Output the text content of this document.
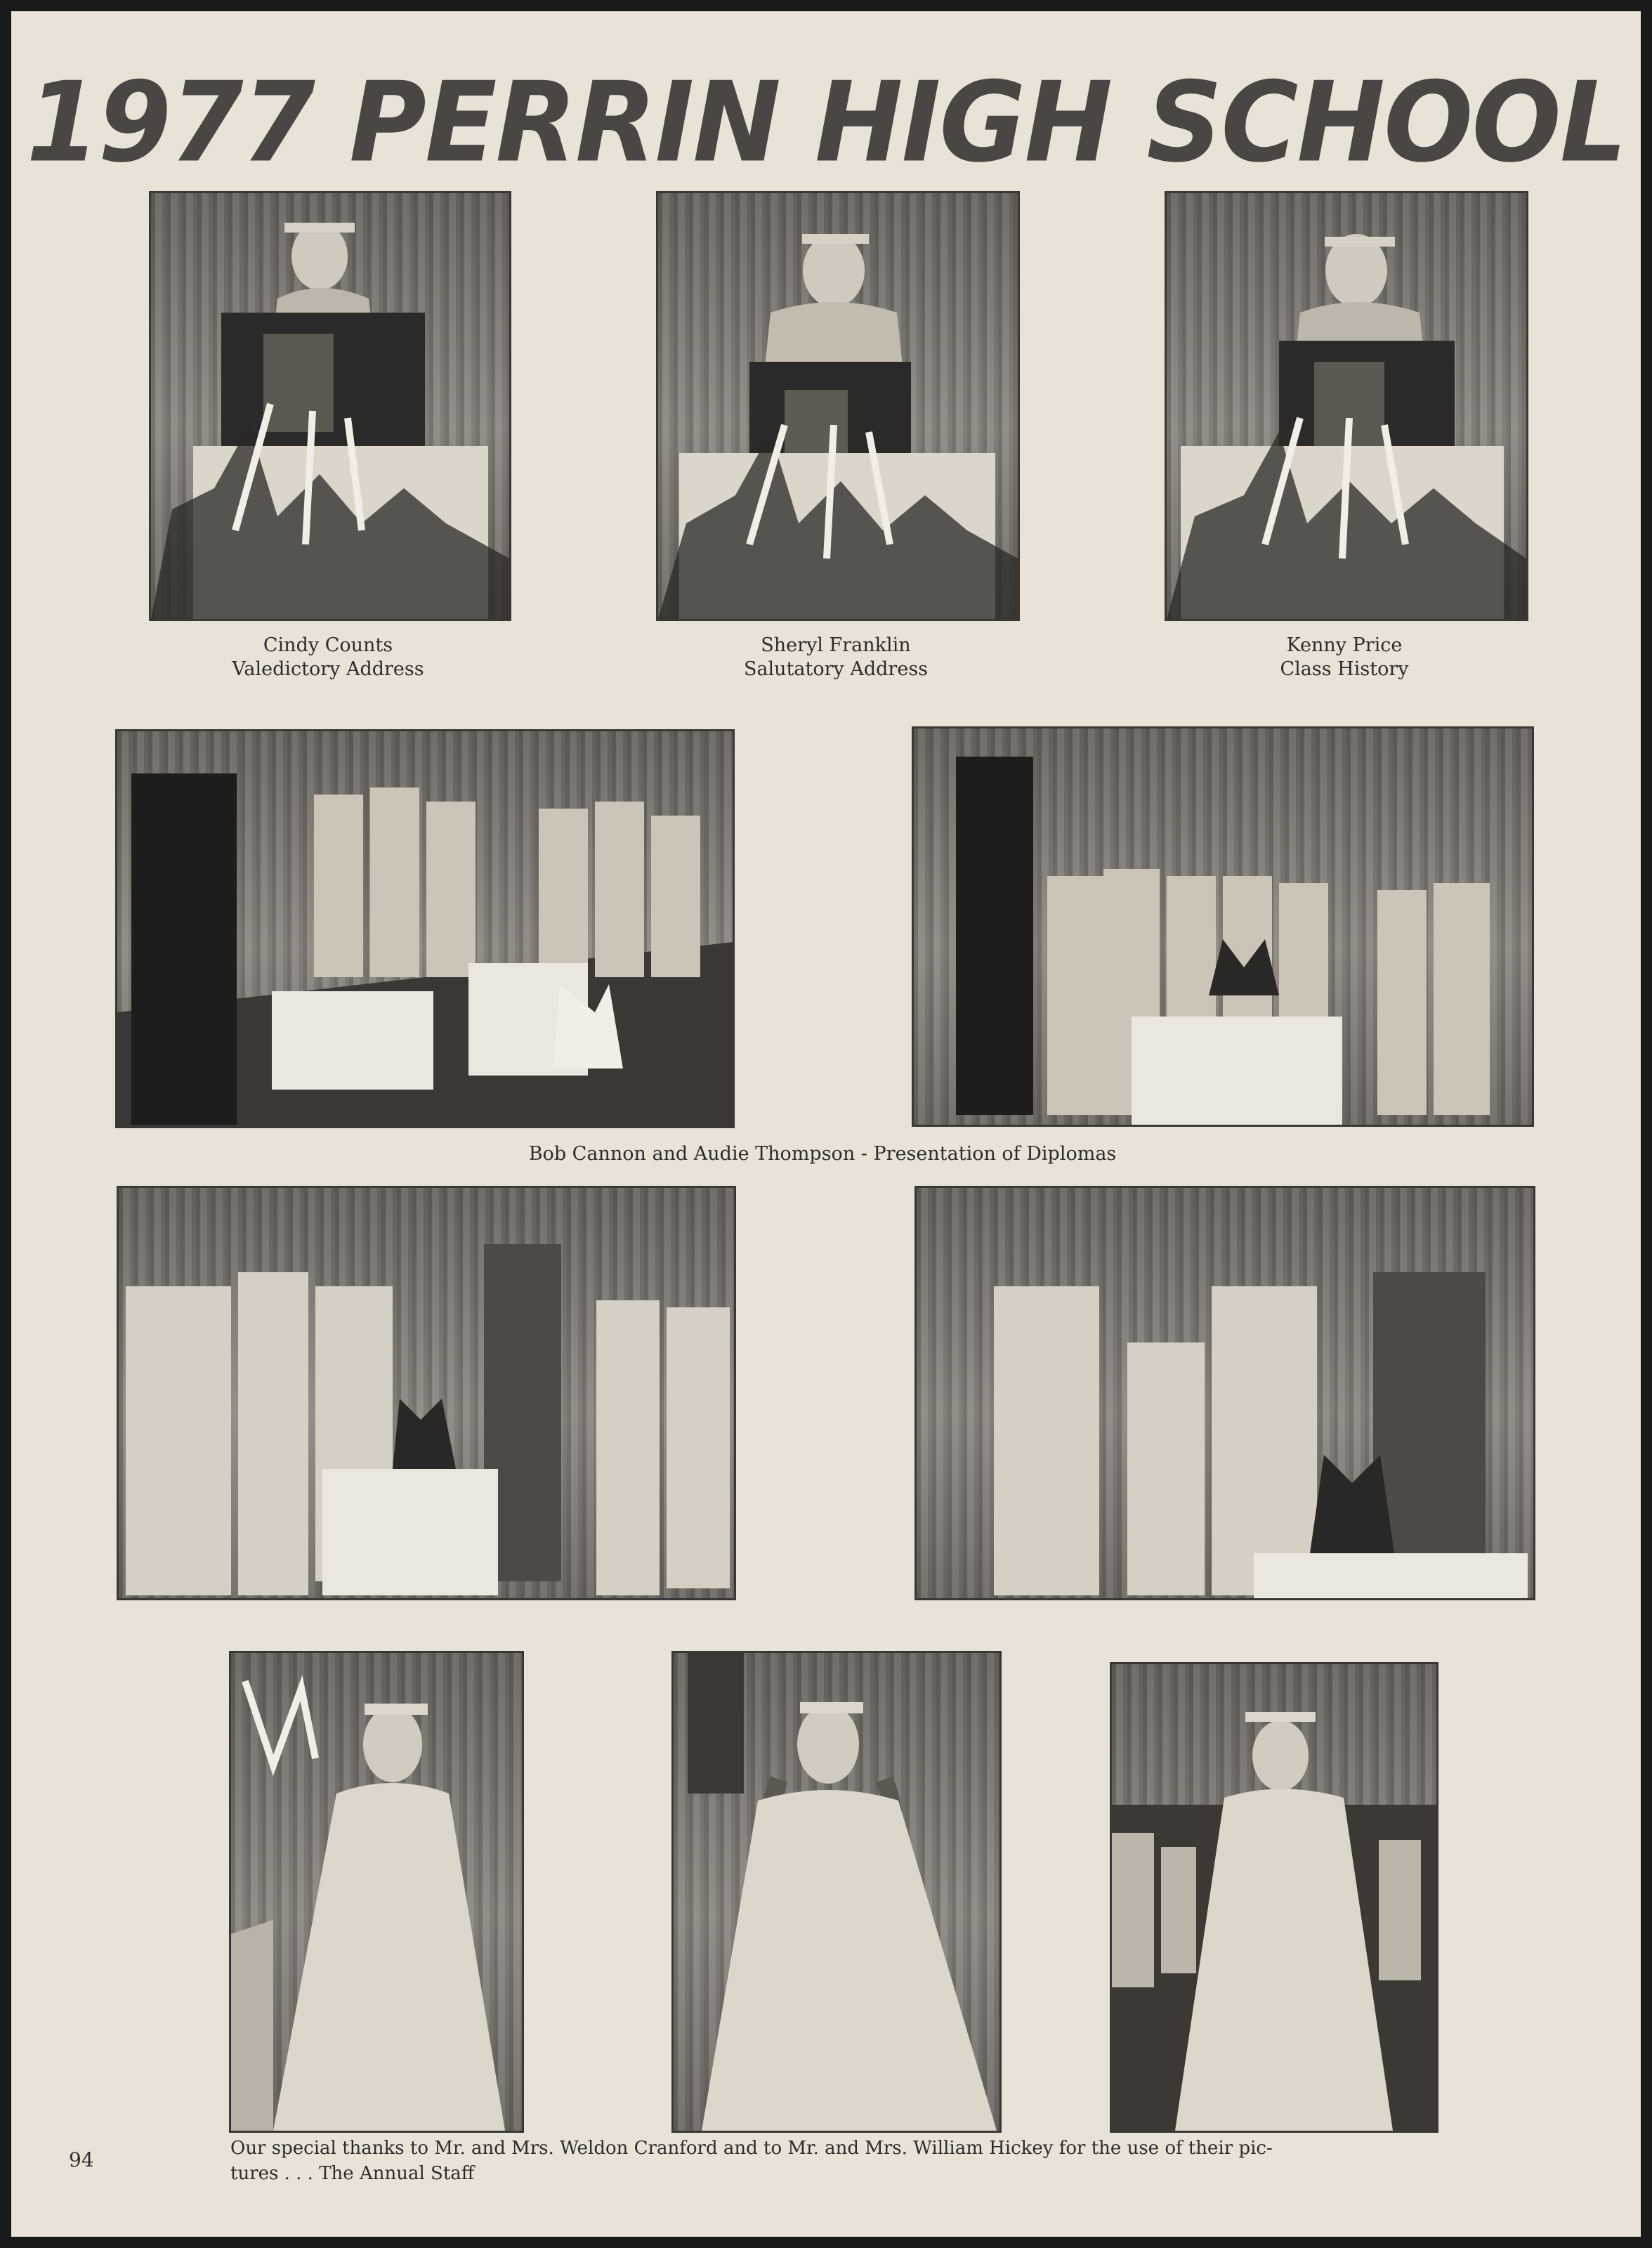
1977 PERRIN HIGH SCHOOL
Cindy Counts
Valedictory Address
Sheryl Franklin
Salutatory Address
Kenny Price
Class History
Bob Cannon and Audie Thompson - Presentation of Diplomas
94	Our special thanks to Mr. and Mrs. Weldon Cranford and to Mr. and Mrs. William Hickey for the use of their pic-
tures . . . The Annual Staff
